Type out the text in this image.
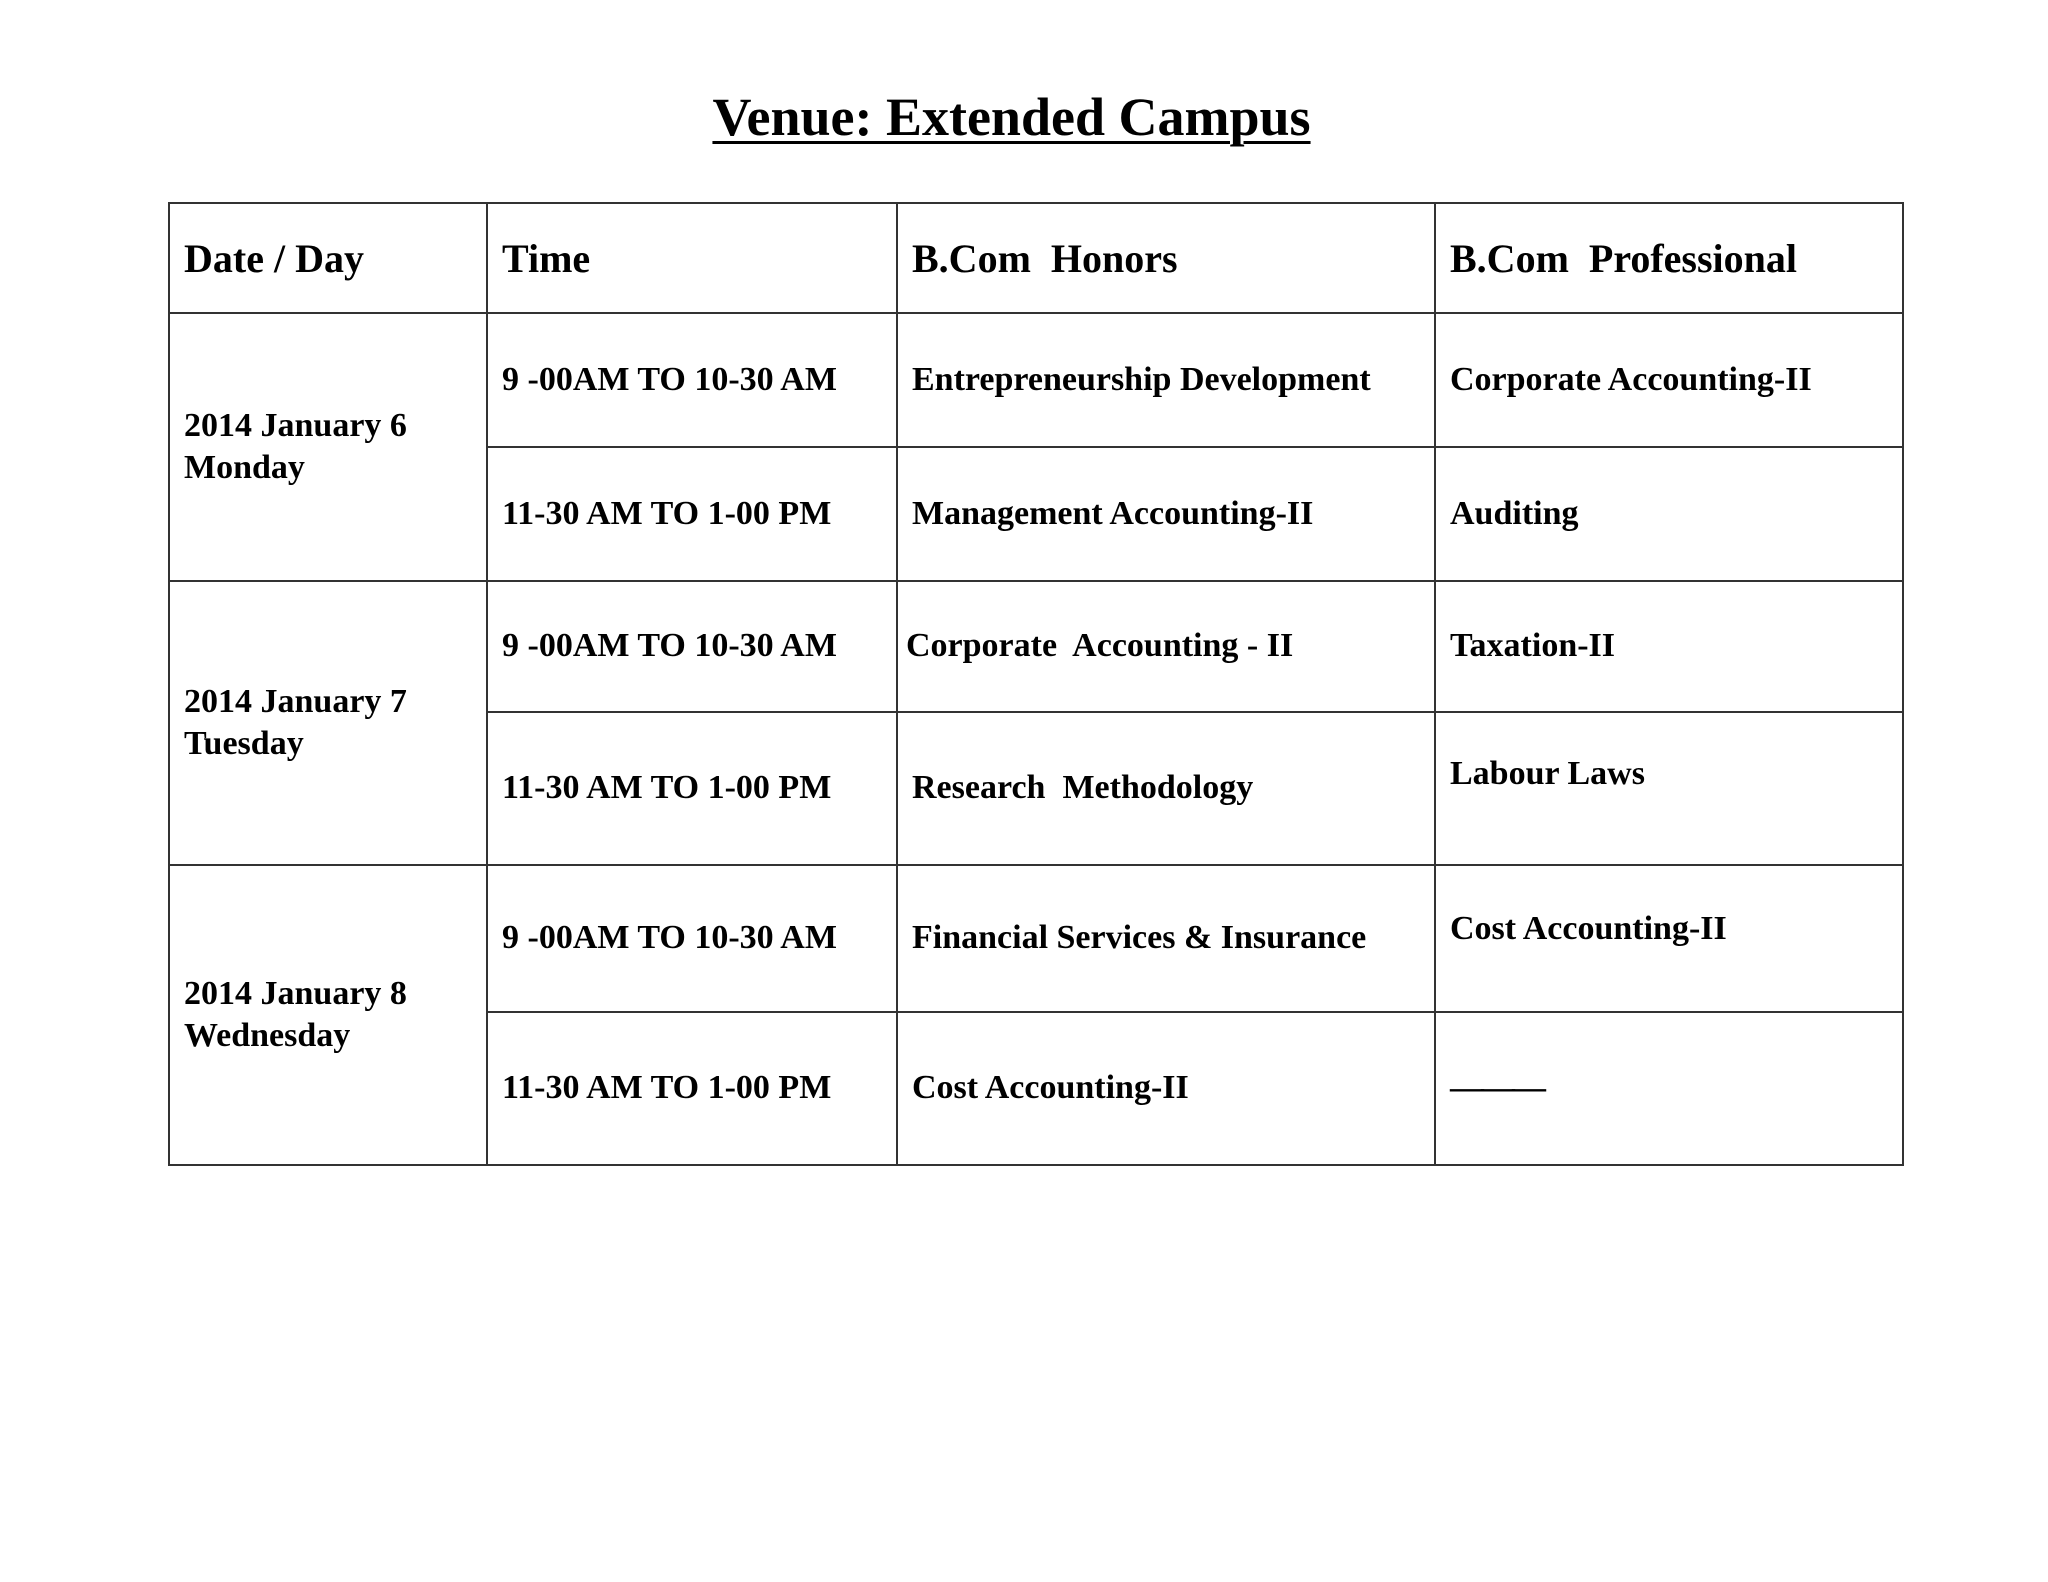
Venue: Extended Campus
Date / Day	Time	B.Com  Honors	B.Com  Professional

2014 January 6
Monday	9 -00AM TO 10-30 AM	Entrepreneurship Development	Corporate Accounting-II
	11-30 AM TO 1-00 PM	Management Accounting-II	Auditing

2014 January 7
Tuesday	9 -00AM TO 10-30 AM	Corporate  Accounting - II	Taxation-II
	11-30 AM TO 1-00 PM	Research  Methodology	Labour Laws

2014 January 8
Wednesday	9 -00AM TO 10-30 AM	Financial Services & Insurance	Cost Accounting-II
	11-30 AM TO 1-00 PM	Cost Accounting-II	———
